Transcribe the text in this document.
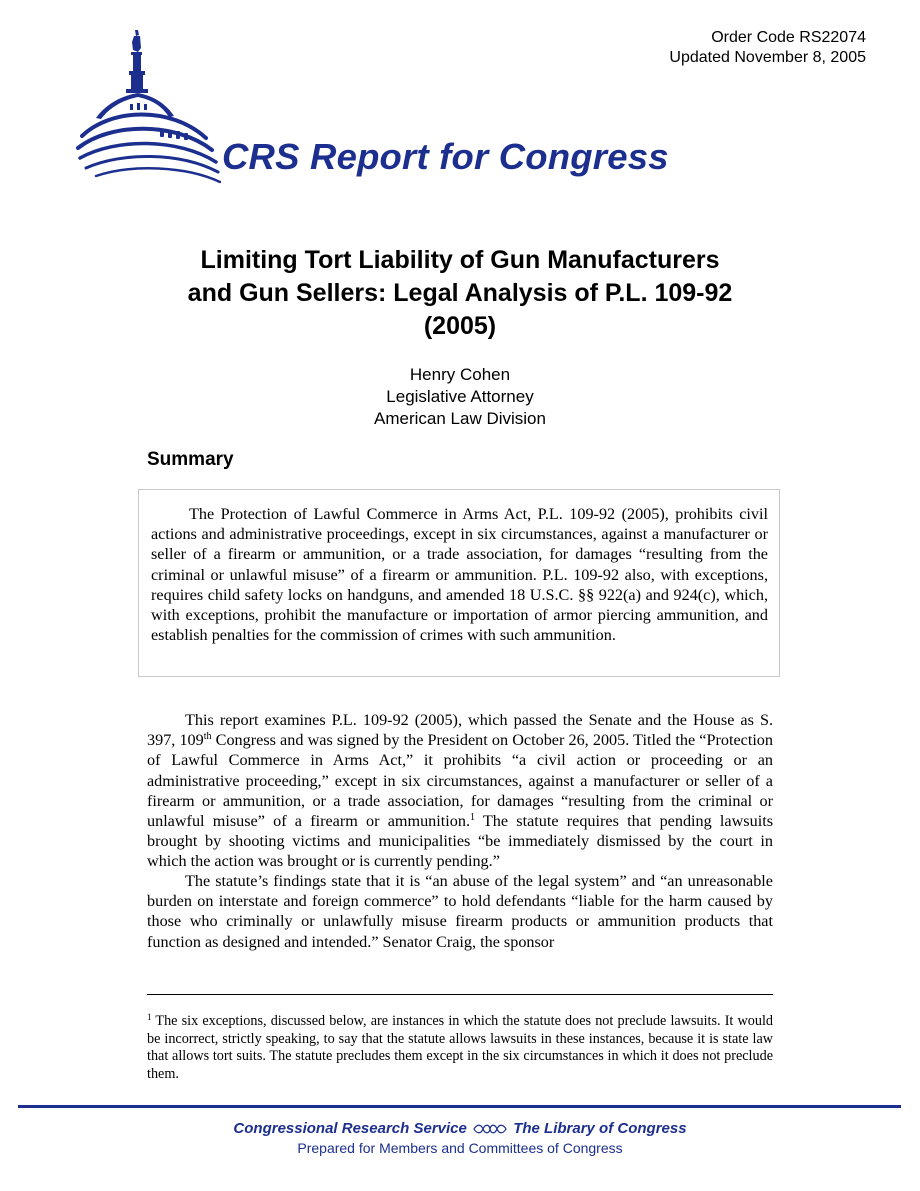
Order Code RS22074
Updated November 8, 2005
CRS Report for Congress
Limiting Tort Liability of Gun Manufacturers
and Gun Sellers: Legal Analysis of P.L. 109-92
(2005)
Henry Cohen
Legislative Attorney
American Law Division
Summary

The Protection of Lawful Commerce in Arms Act, P.L. 109-92 (2005), prohibits civil actions and administrative proceedings, except in six circumstances, against a manufacturer or seller of a firearm or ammunition, or a trade association, for damages “resulting from the criminal or unlawful misuse” of a firearm or ammunition. P.L. 109-92 also, with exceptions, requires child safety locks on handguns, and amended 18 U.S.C. §§ 922(a) and 924(c), which, with exceptions, prohibit the manufacture or importation of armor piercing ammunition, and establish penalties for the commission of crimes with such ammunition.

This report examines P.L. 109-92 (2005), which passed the Senate and the House as S. 397, 109th Congress and was signed by the President on October 26, 2005. Titled the “Protection of Lawful Commerce in Arms Act,” it prohibits “a civil action or proceeding or an administrative proceeding,” except in six circumstances, against a manufacturer or seller of a firearm or ammunition, or a trade association, for damages “resulting from the criminal or unlawful misuse” of a firearm or ammunition.$^1$ The statute requires that pending lawsuits brought by shooting victims and municipalities “be immediately dismissed by the court in which the action was brought or is currently pending.”

The statute’s findings state that it is “an abuse of the legal system” and “an unreasonable burden on interstate and foreign commerce” to hold defendants “liable for the harm caused by those who criminally or unlawfully misuse firearm products or ammunition products that function as designed and intended.” Senator Craig, the sponsor

$^1$ The six exceptions, discussed below, are instances in which the statute does not preclude lawsuits. It would be incorrect, strictly speaking, to say that the statute allows lawsuits in these instances, because it is state law that allows tort suits. The statute precludes them except in the six circumstances in which it does not preclude them.

Congressional Research Service	The Library of Congress
Prepared for Members and Committees of Congress
